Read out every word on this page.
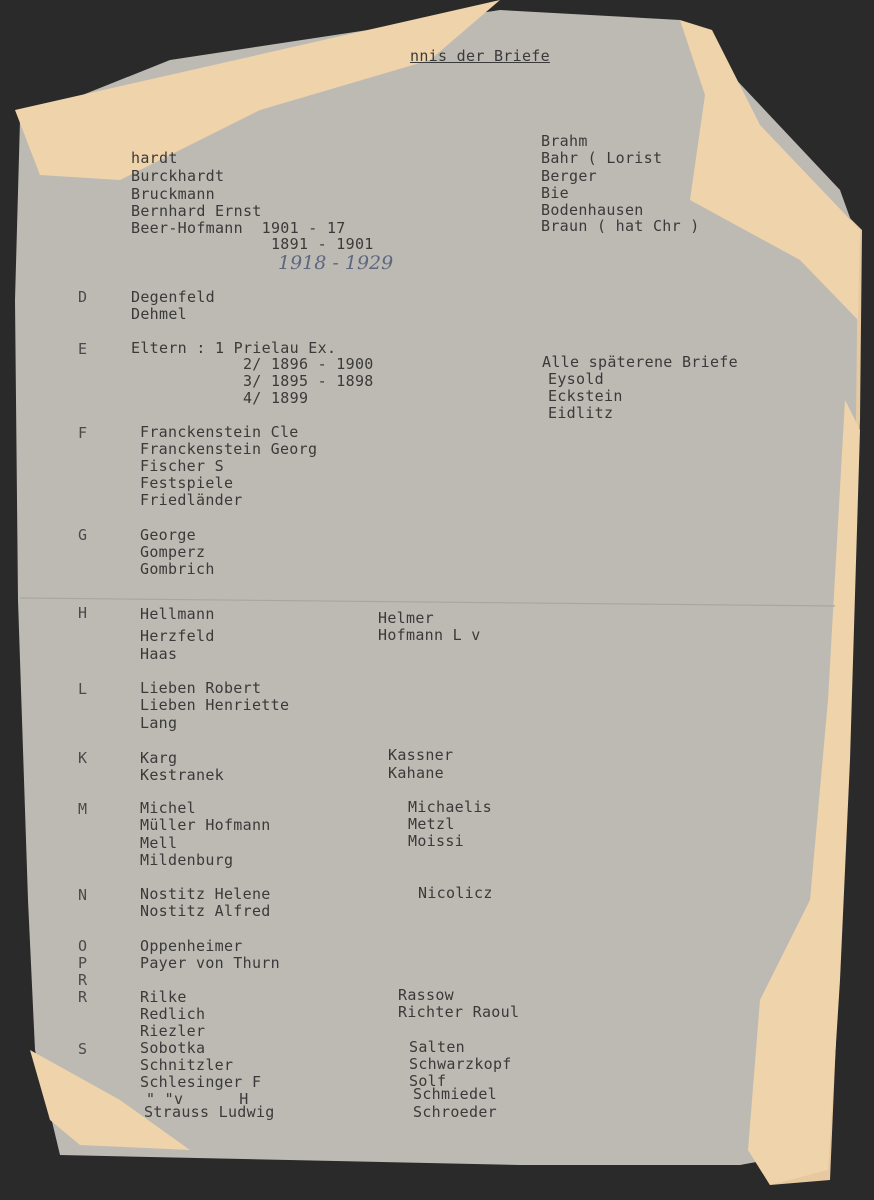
nnis der Briefe
hardt
Burckhardt
Bruckmann
Bernhard Ernst
Beer-Hofmann  1901 - 17
1891 - 1901
1918 - 1929
Brahm
Bahr ( Lorist
Berger
Bie
Bodenhausen
Braun ( hat Chr )
D	Degenfeld
Dehmel
E	Eltern : 1 Prielau Ex.
2/ 1896 - 1900
3/ 1895 - 1898
4/ 1899
Alle späterene Briefe
Eysold
Eckstein
Eidlitz
F	Franckenstein Cle
Franckenstein Georg
Fischer S
Festspiele
Friedländer
G	George
Gomperz
Gombrich
H	Hellmann
Herzfeld
Haas
Helmer
Hofmann L v
L	Lieben Robert
Lieben Henriette
Lang
K	Karg
Kestranek
Kassner
Kahane
M	Michel
Müller Hofmann
Mell
Mildenburg
Michaelis
Metzl
Moissi
N	Nostitz Helene
Nostitz Alfred
Nicolicz
O	Oppenheimer
P	Payer von Thurn
R
R	Rilke
Redlich
Riezler
Rassow
Richter Raoul
S	Sobotka
Schnitzler
Schlesinger F
" "v      H
Strauss Ludwig
Salten
Schwarzkopf
Solf
Schmiedel
Schroeder
